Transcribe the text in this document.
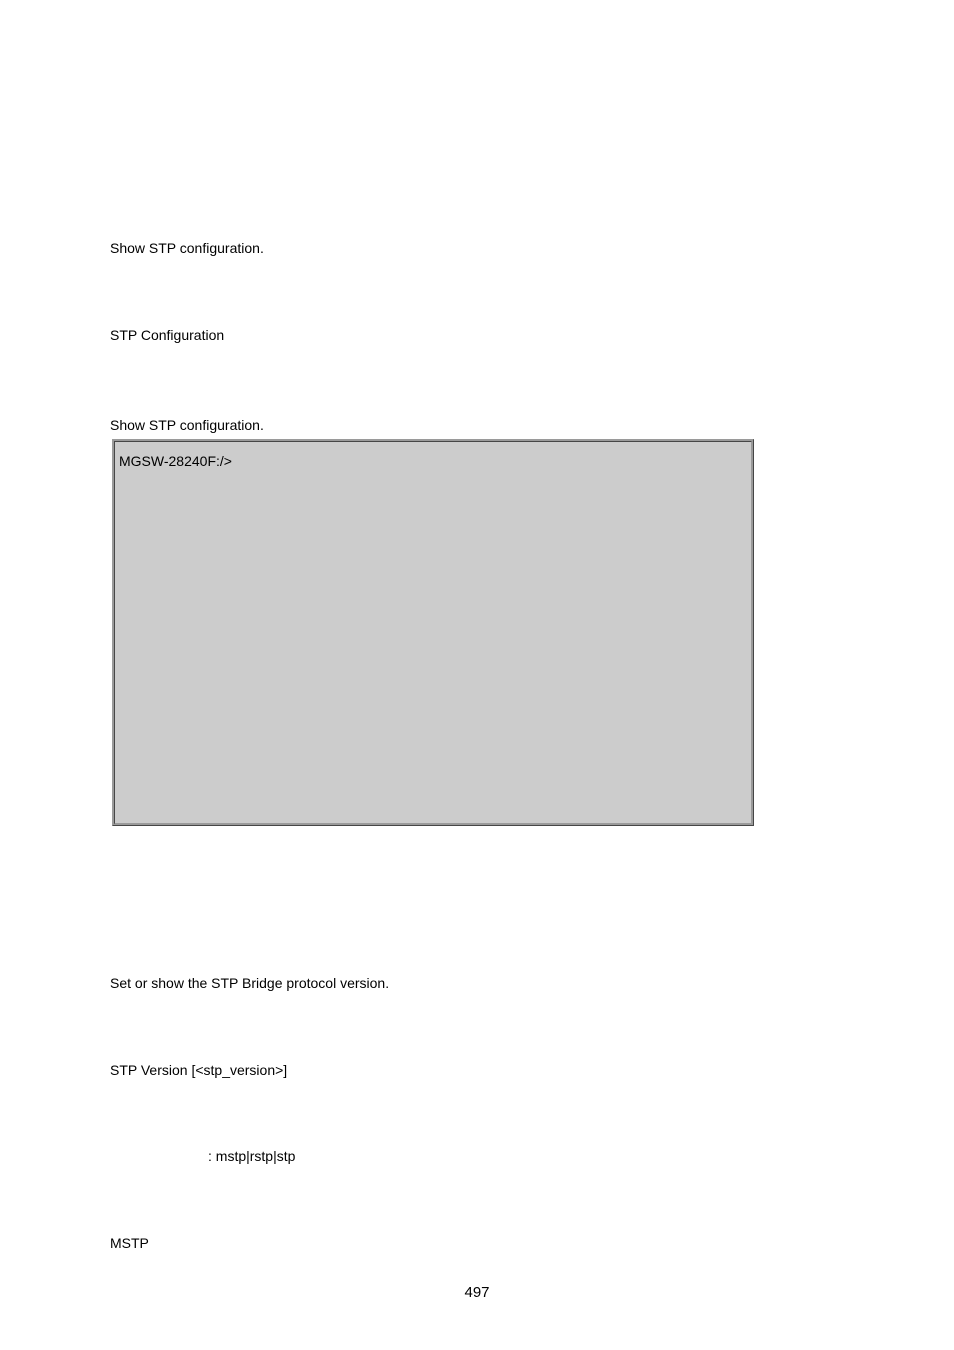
Show STP configuration.
STP Configuration
Show STP configuration.
MGSW-28240F:/>
Set or show the STP Bridge protocol version.
STP Version [<stp_version>]
: mstp|rstp|stp
MSTP
497
